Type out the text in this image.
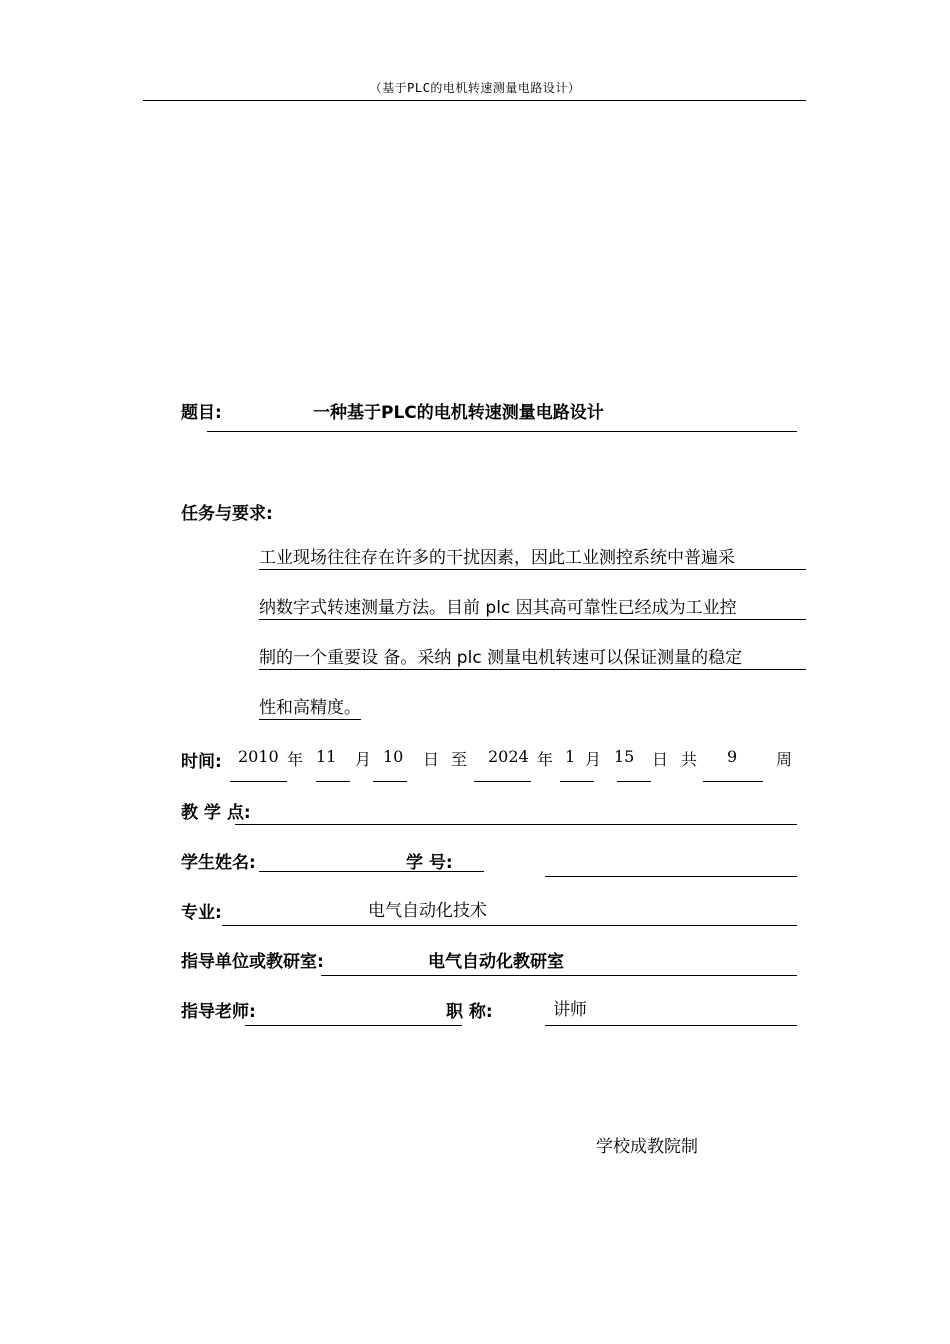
（基于PLC的电机转速测量电路设计）
题目:	一种基于PLC的电机转速测量电路设计
任务与要求:
工业现场往往存在许多的干扰因素，因此工业测控系统中普遍采
纳数字式转速测量方法。目前 plc 因其高可靠性已经成为工业控
制的一个重要设 备。采纳 plc 测量电机转速可以保证测量的稳定
性和高精度。
时间: 2010 年 11 月 10 日 至 2024 年 1 月 15 日 共 9 周
教 学 点:
学生姓名:	学 号:
专业:	电气自动化技术
指导单位或教研室:	电气自动化教研室
指导老师:	职 称:	讲师
学校成教院制
